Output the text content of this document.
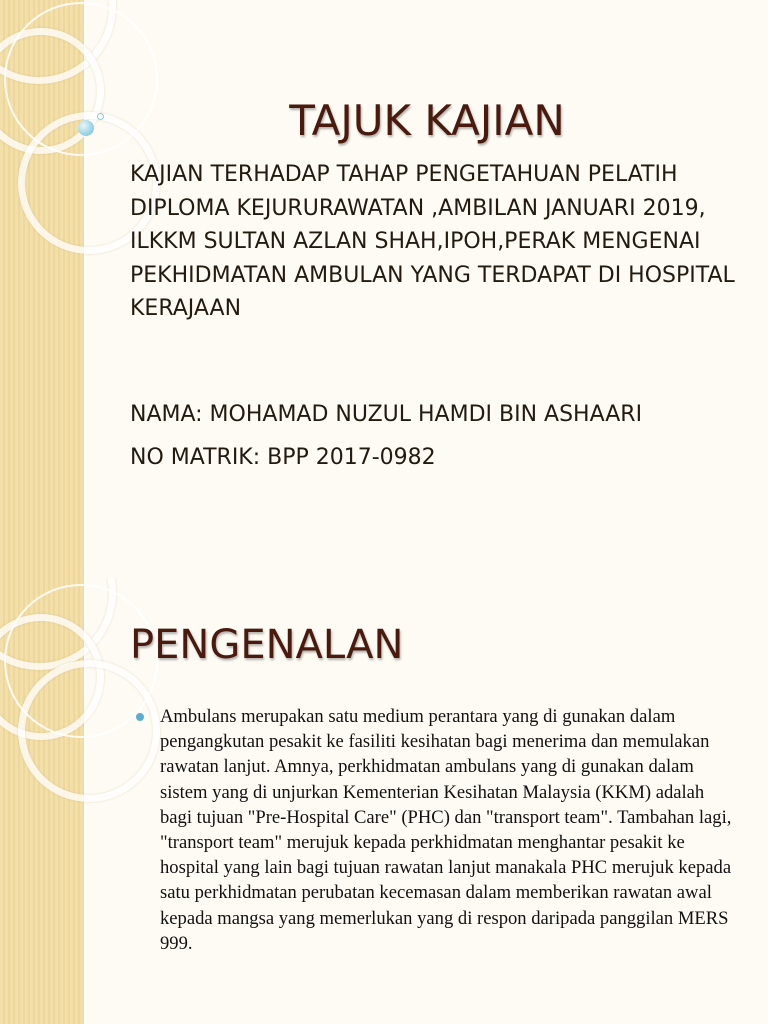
TAJUK KAJIAN

KAJIAN TERHADAP TAHAP PENGETAHUAN PELATIH DIPLOMA KEJURURAWATAN ,AMBILAN JANUARI 2019, ILKKM SULTAN AZLAN SHAH,IPOH,PERAK MENGENAI PEKHIDMATAN AMBULAN YANG TERDAPAT DI HOSPITAL KERAJAAN

NAMA: MOHAMAD NUZUL HAMDI BIN ASHAARI

NO MATRIK: BPP 2017-0982

PENGENALAN
Ambulans merupakan satu medium perantara yang di gunakan dalam pengangkutan pesakit ke fasiliti kesihatan bagi menerima dan memulakan rawatan lanjut. Amnya, perkhidmatan ambulans yang di gunakan dalam sistem yang di unjurkan Kementerian Kesihatan Malaysia (KKM) adalah bagi tujuan "Pre-Hospital Care" (PHC) dan "transport team". Tambahan lagi, "transport team" merujuk kepada perkhidmatan menghantar pesakit ke hospital yang lain bagi tujuan rawatan lanjut manakala PHC merujuk kepada satu perkhidmatan perubatan kecemasan dalam memberikan rawatan awal kepada mangsa yang memerlukan yang di respon daripada panggilan MERS 999.
